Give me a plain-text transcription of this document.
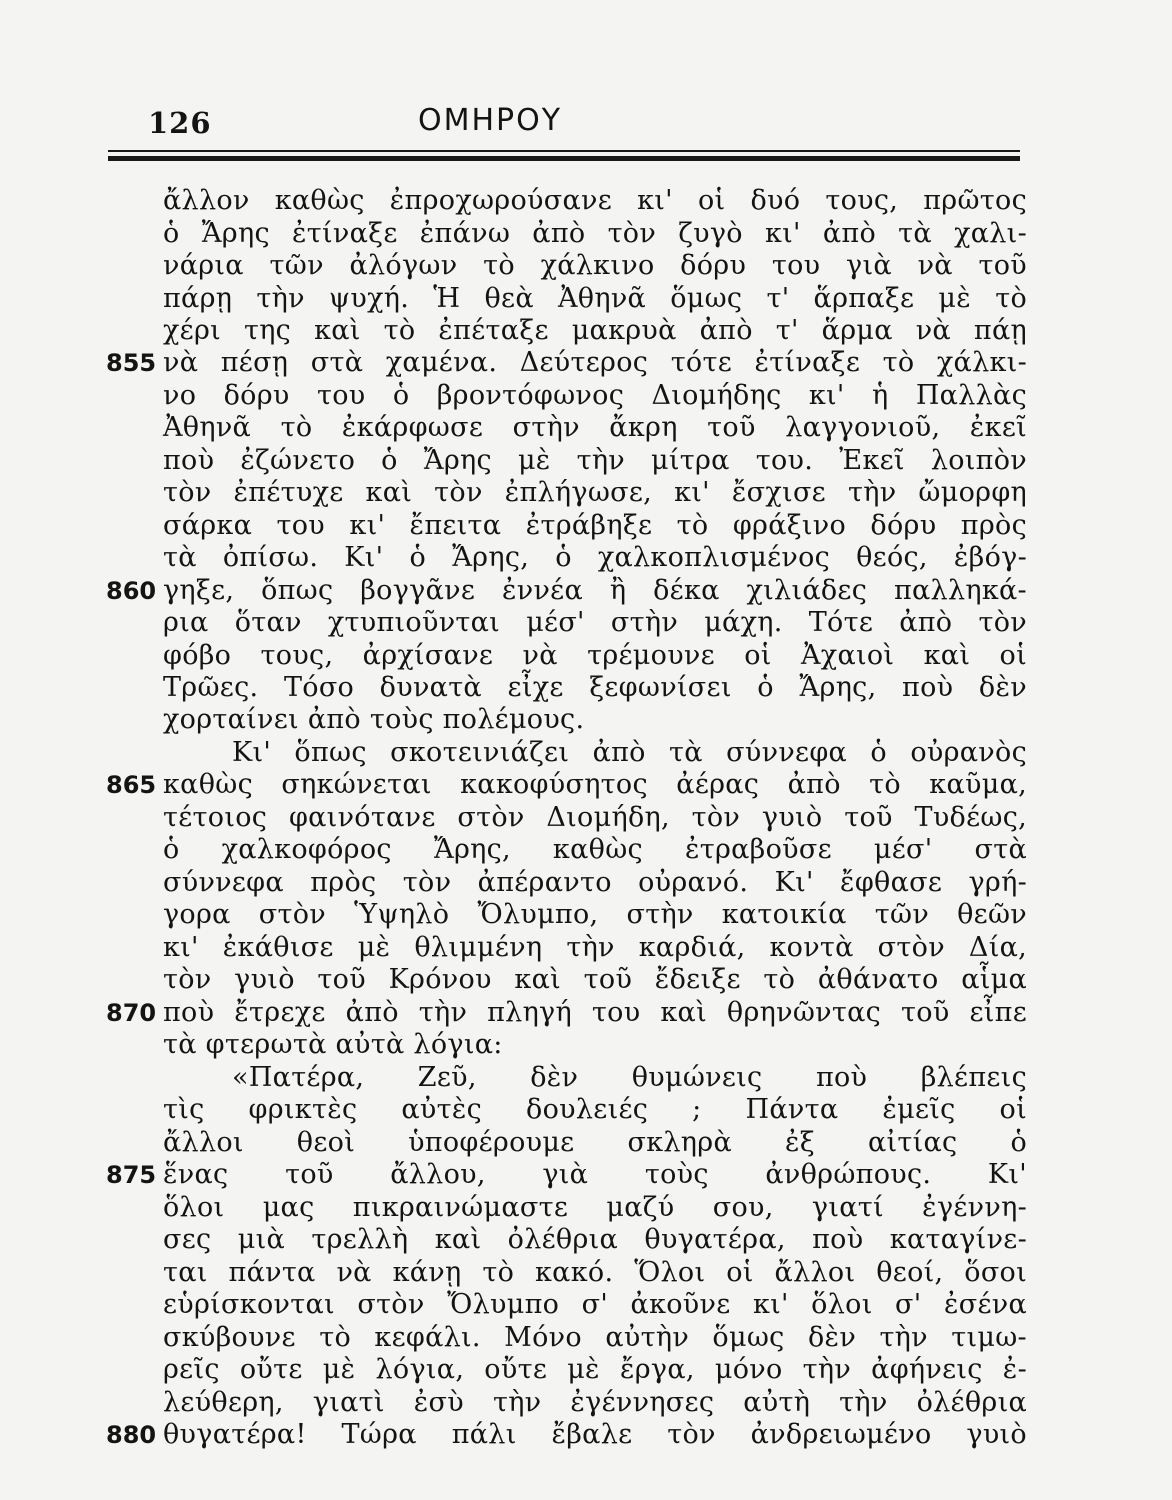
126	ΟΜΗΡΟΥ
ἄλλον καθὼς ἐπροχωρούσανε κι' οἱ δυό τους, πρῶτος
ὁ Ἄρης ἐτίναξε ἐπάνω ἀπὸ τὸν ζυγὸ κι' ἀπὸ τὰ χαλι-
νάρια τῶν ἀλόγων τὸ χάλκινο δόρυ του γιὰ νὰ τοῦ
πάρῃ τὴν ψυχή. Ἡ θεὰ Ἀθηνᾶ ὅμως τ' ἅρπαξε μὲ τὸ
χέρι της καὶ τὸ ἐπέταξε μακρυὰ ἀπὸ τ' ἅρμα νὰ πάῃ
νὰ πέσῃ στὰ χαμένα. Δεύτερος τότε ἐτίναξε τὸ χάλκι-
νο δόρυ του ὁ βροντόφωνος Διομήδης κι' ἡ Παλλὰς
Ἀθηνᾶ τὸ ἐκάρφωσε στὴν ἄκρη τοῦ λαγγονιοῦ, ἐκεῖ
ποὺ ἐζώνετο ὁ Ἄρης μὲ τὴν μίτρα του. Ἐκεῖ λοιπὸν
τὸν ἐπέτυχε καὶ τὸν ἐπλήγωσε, κι' ἔσχισε τὴν ὤμορφη
σάρκα του κι' ἔπειτα ἐτράβηξε τὸ φράξινο δόρυ πρὸς
τὰ ὀπίσω. Κι' ὁ Ἄρης, ὁ χαλκοπλισμένος θεός, ἐβόγ-
γηξε, ὅπως βογγᾶνε ἐννέα ἢ δέκα χιλιάδες παλληκά-
ρια ὅταν χτυπιοῦνται μέσ' στὴν μάχη. Τότε ἀπὸ τὸν
φόβο τους, ἀρχίσανε νὰ τρέμουνε οἱ Ἀχαιοὶ καὶ οἱ
Τρῶες. Τόσο δυνατὰ εἶχε ξεφωνίσει ὁ Ἄρης, ποὺ δὲν
χορταίνει ἀπὸ τοὺς πολέμους.
Κι' ὅπως σκοτεινιάζει ἀπὸ τὰ σύννεφα ὁ οὐρανὸς
καθὼς σηκώνεται κακοφύσητος ἀέρας ἀπὸ τὸ καῦμα,
τέτοιος φαινότανε στὸν Διομήδη, τὸν γυιὸ τοῦ Τυδέως,
ὁ χαλκοφόρος Ἄρης, καθὼς ἐτραβοῦσε μέσ' στὰ
σύννεφα πρὸς τὸν ἀπέραντο οὐρανό. Κι' ἔφθασε γρή-
γορα στὸν Ὑψηλὸ Ὄλυμπο, στὴν κατοικία τῶν θεῶν
κι' ἐκάθισε μὲ θλιμμένη τὴν καρδιά, κοντὰ στὸν Δία,
τὸν γυιὸ τοῦ Κρόνου καὶ τοῦ ἔδειξε τὸ ἀθάνατο αἷμα
ποὺ ἔτρεχε ἀπὸ τὴν πληγή του καὶ θρηνῶντας τοῦ εἶπε
τὰ φτερωτὰ αὐτὰ λόγια:
«Πατέρα, Ζεῦ, δὲν θυμώνεις ποὺ βλέπεις
τὶς φρικτὲς αὐτὲς δουλειές ; Πάντα ἐμεῖς οἱ
ἄλλοι θεοὶ ὑποφέρουμε σκληρὰ ἐξ αἰτίας ὁ
ἕνας τοῦ ἄλλου, γιὰ τοὺς ἀνθρώπους. Κι'
ὅλοι μας πικραινώμαστε μαζύ σου, γιατί ἐγέννη-
σες μιὰ τρελλὴ καὶ ὀλέθρια θυγατέρα, ποὺ καταγίνε-
ται πάντα νὰ κάνῃ τὸ κακό. Ὅλοι οἱ ἄλλοι θεοί, ὅσοι
εὑρίσκονται στὸν Ὄλυμπο σ' ἀκοῦνε κι' ὅλοι σ' ἐσένα
σκύβουνε τὸ κεφάλι. Μόνο αὐτὴν ὅμως δὲν τὴν τιμω-
ρεῖς οὔτε μὲ λόγια, οὔτε μὲ ἔργα, μόνο τὴν ἀφήνεις ἐ-
λεύθερη, γιατὶ ἐσὺ τὴν ἐγέννησες αὐτὴ τὴν ὀλέθρια
θυγατέρα! Τώρα πάλι ἔβαλε τὸν ἀνδρειωμένο γυιὸ
855
860
865
870
875
880
